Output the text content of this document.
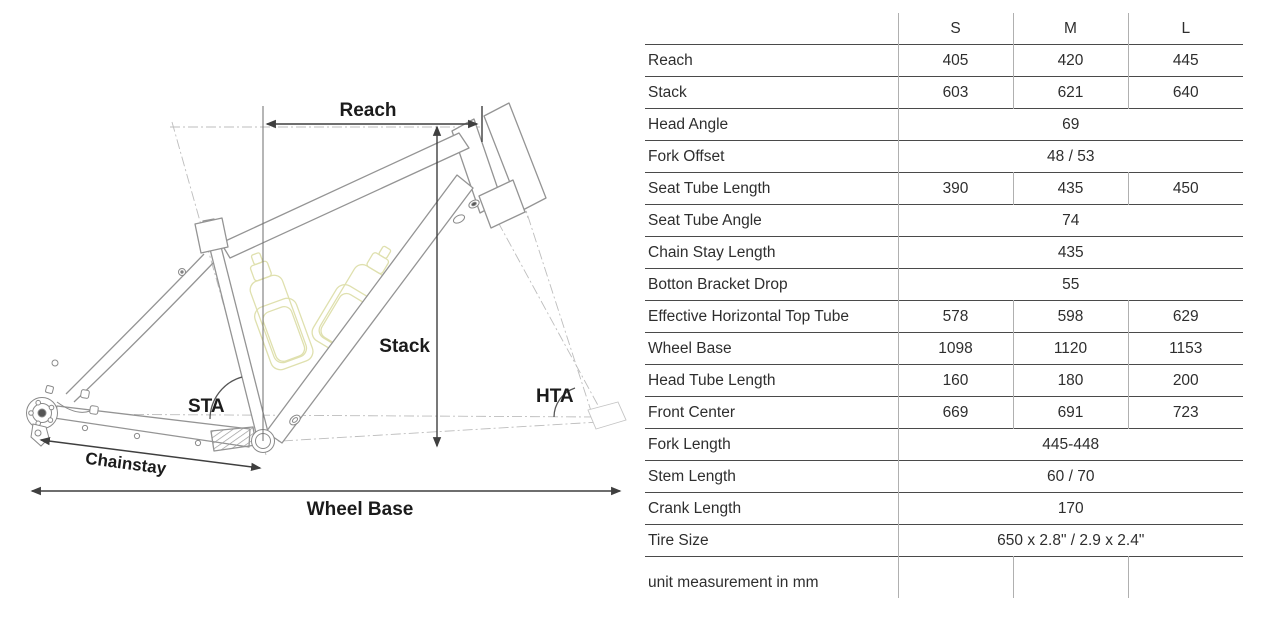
Reach
Stack
STA	HTA
Chainstay
Wheel Base
	S	M	L
Reach	405	420	445
Stack	603	621	640
Head Angle	69		
Fork Offset	48 / 53		
Seat Tube Length	390	435	450
Seat Tube Angle	74		
Chain Stay Length	435		
Botton Bracket Drop	55		
Effective Horizontal Top Tube	578	598	629
Wheel Base	1098	1120	1153
Head Tube Length	160	180	200
Front Center	669	691	723
Fork Length	445-448		
Stem Length	60 / 70		
Crank Length	170		
Tire Size	650 x 2.8" / 2.9 x 2.4"		
unit measurement in mm			
